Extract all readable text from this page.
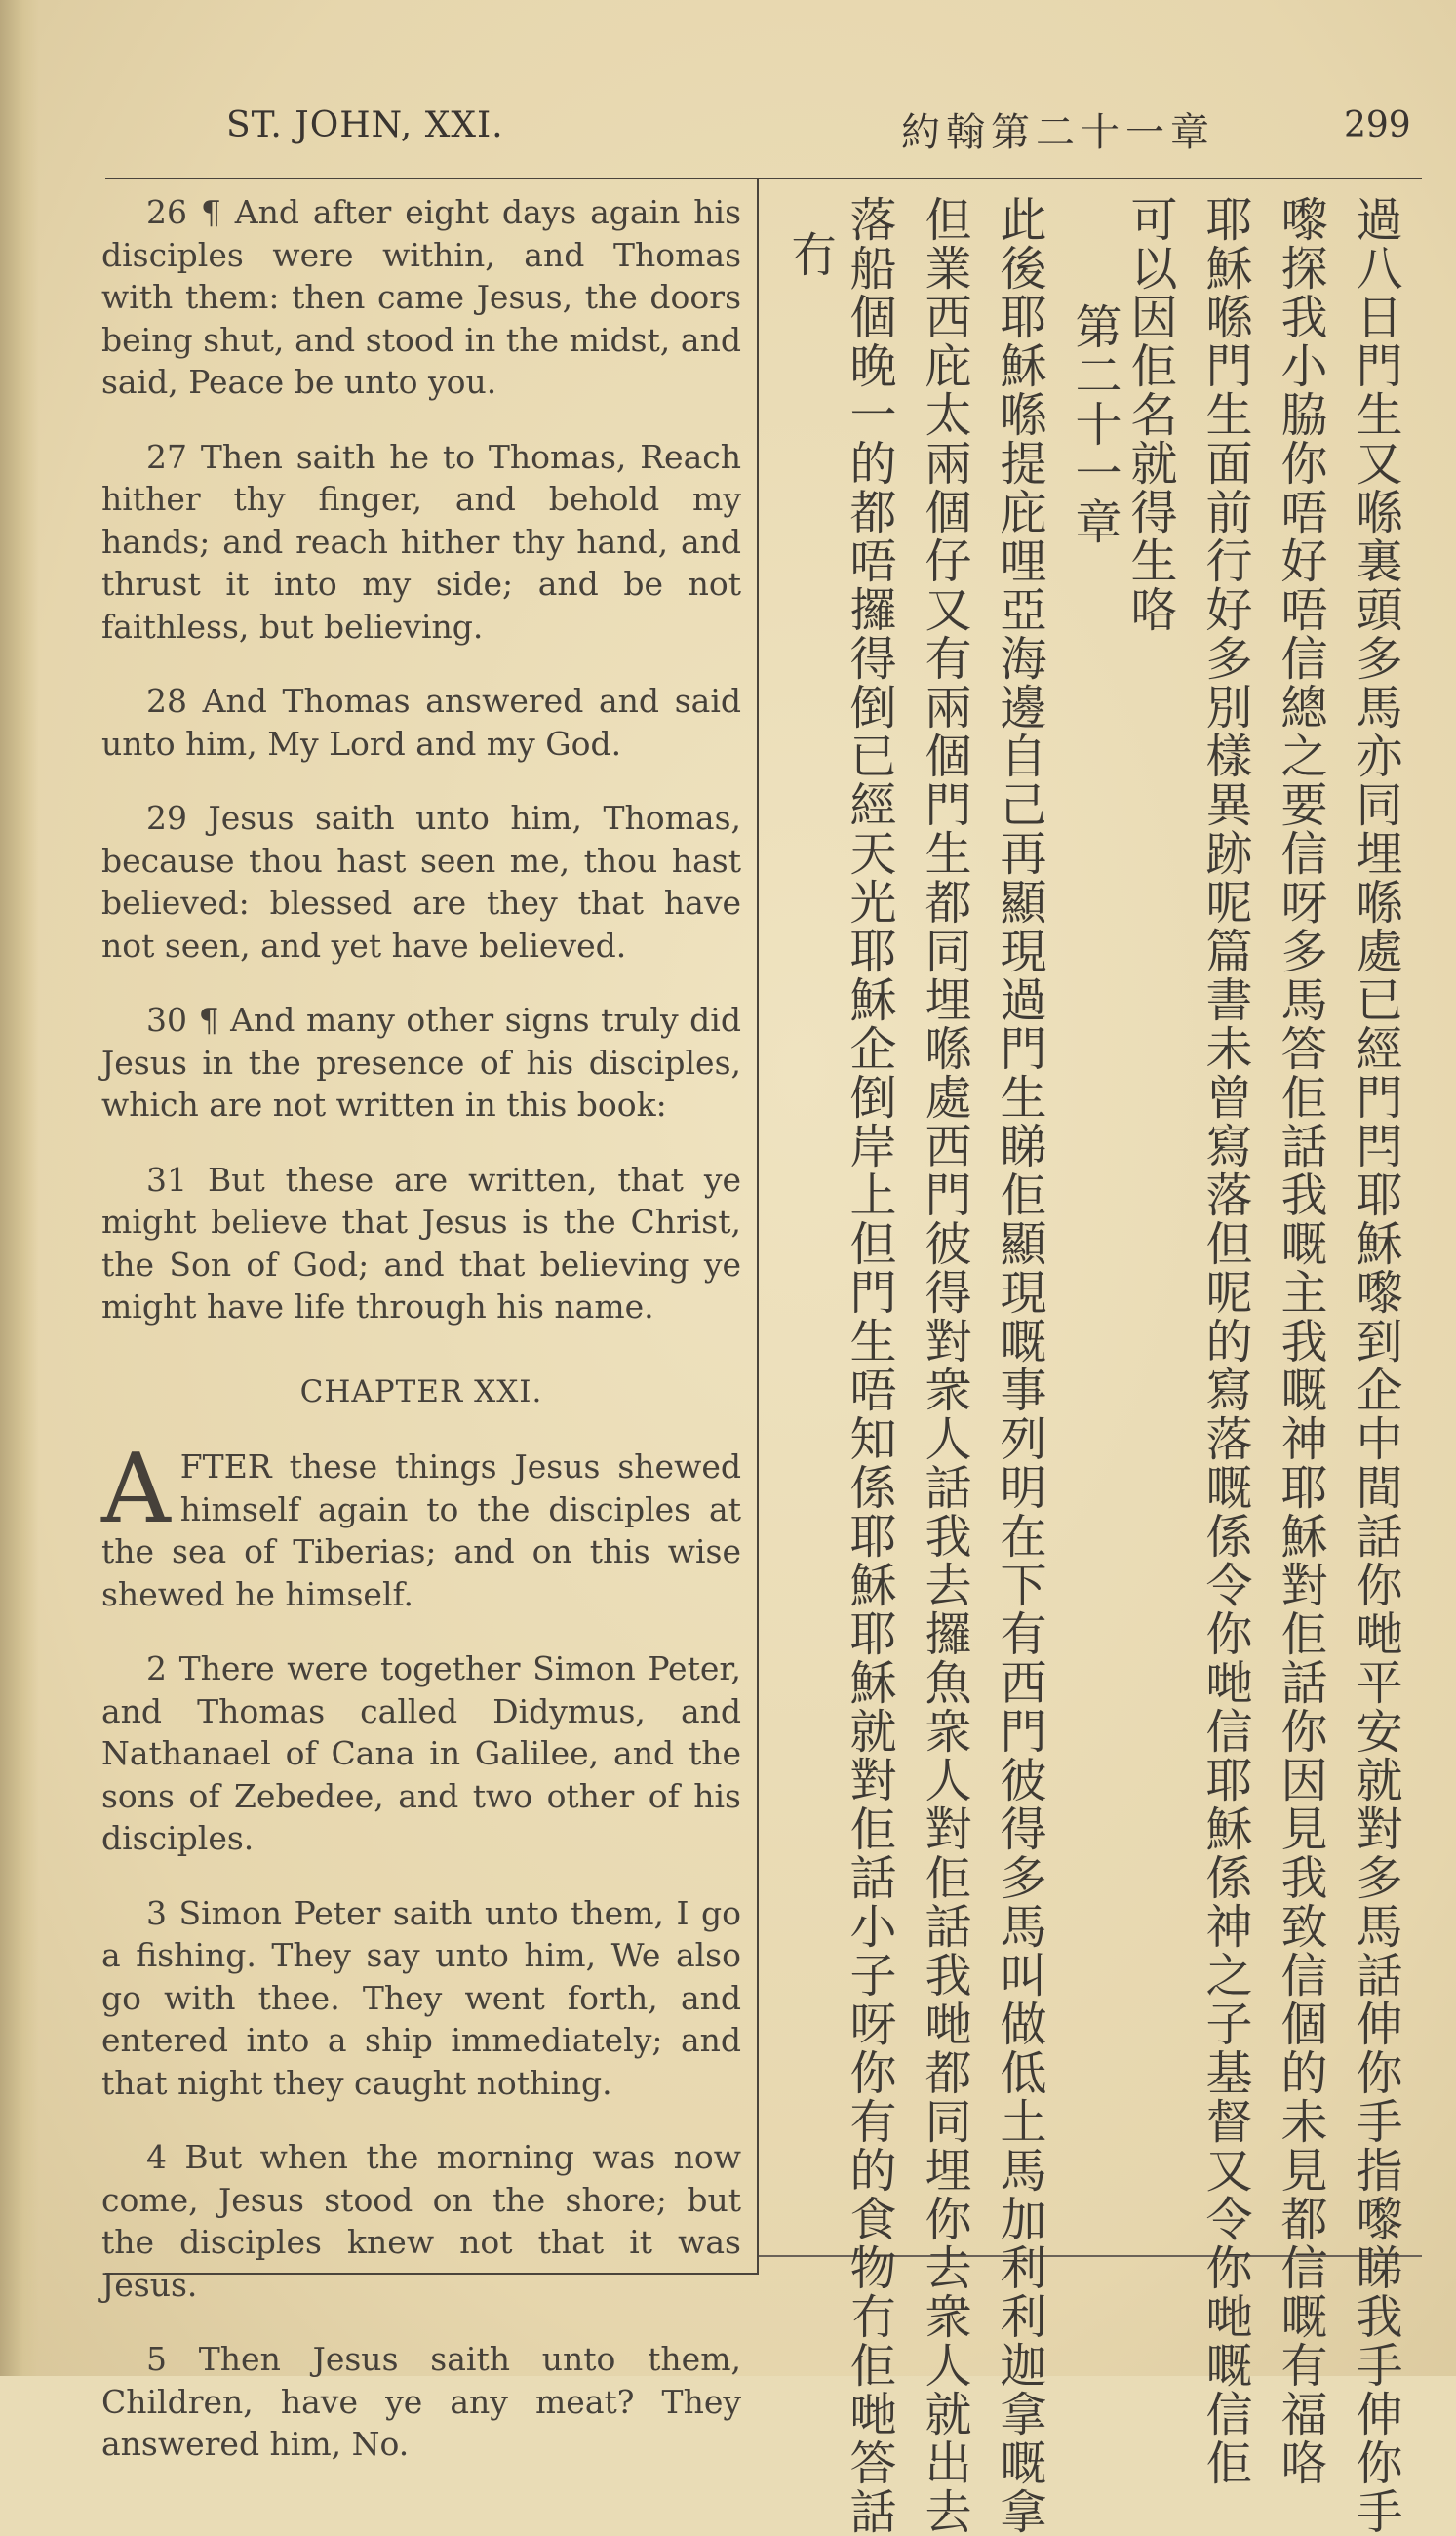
ST. JOHN, XXI.	約翰第二十一章	299

26 ¶ And after eight days again his disciples were within, and Thomas with them: then came Jesus, the doors being shut, and stood in the midst, and said, Peace be unto you.

27 Then saith he to Thomas, Reach hither thy finger, and behold my hands; and reach hither thy hand, and thrust it into my side; and be not faithless, but believing.

28 And Thomas answered and said unto him, My Lord and my God.

29 Jesus saith unto him, Thomas, because thou hast seen me, thou hast believed: blessed are they that have not seen, and yet have believed.

30 ¶ And many other signs truly did Jesus in the presence of his disciples, which are not written in this book:

31 But these are written, that ye might believe that Jesus is the Christ, the Son of God; and that believing ye might have life through his name.

CHAPTER XXI.

AFTER these things Jesus shewed himself again to the disciples at the sea of Tiberias; and on this wise shewed he himself.

2 There were together Simon Peter, and Thomas called Didymus, and Nathanael of Cana in Galilee, and the sons of Zebedee, and two other of his disciples.

3 Simon Peter saith unto them, I go a fishing. They say unto him, We also go with thee. They went forth, and entered into a ship immediately; and that night they caught nothing.

4 But when the morning was now come, Jesus stood on the shore; but the disciples knew not that it was Jesus.

5 Then Jesus saith unto them, Children, have ye any meat? They answered him, No.	過八日門生又喺裏頭多馬亦同埋喺處已經門閂耶穌嚟到企中間話你哋平安就對多馬話伸你手指嚟睇我手伸你手
嚟探我小脇你唔好唔信總之要信呀多馬答佢話我嘅主我嘅神耶穌對佢話你因見我致信個的未見都信嘅有福咯
耶穌喺門生面前行好多別樣異跡呢篇書未曾寫落但呢的寫落嘅係令你哋信耶穌係神之子基督又令你哋嘅信佢
可以因佢名就得生咯
第二十一章
此後耶穌喺提庇哩亞海邊自己再顯現過門生睇佢顯現嘅事列明在下有西門彼得多馬叫做低土馬加利利迦拿嘅拿
但業西庇太兩個仔又有兩個門生都同埋喺處西門彼得對衆人話我去攞魚衆人對佢話我哋都同埋你去衆人就出去
落船個晚一的都唔攞得倒已經天光耶穌企倒岸上但門生唔知係耶穌耶穌就對佢話小子呀你有的食物冇佢哋答話
冇
